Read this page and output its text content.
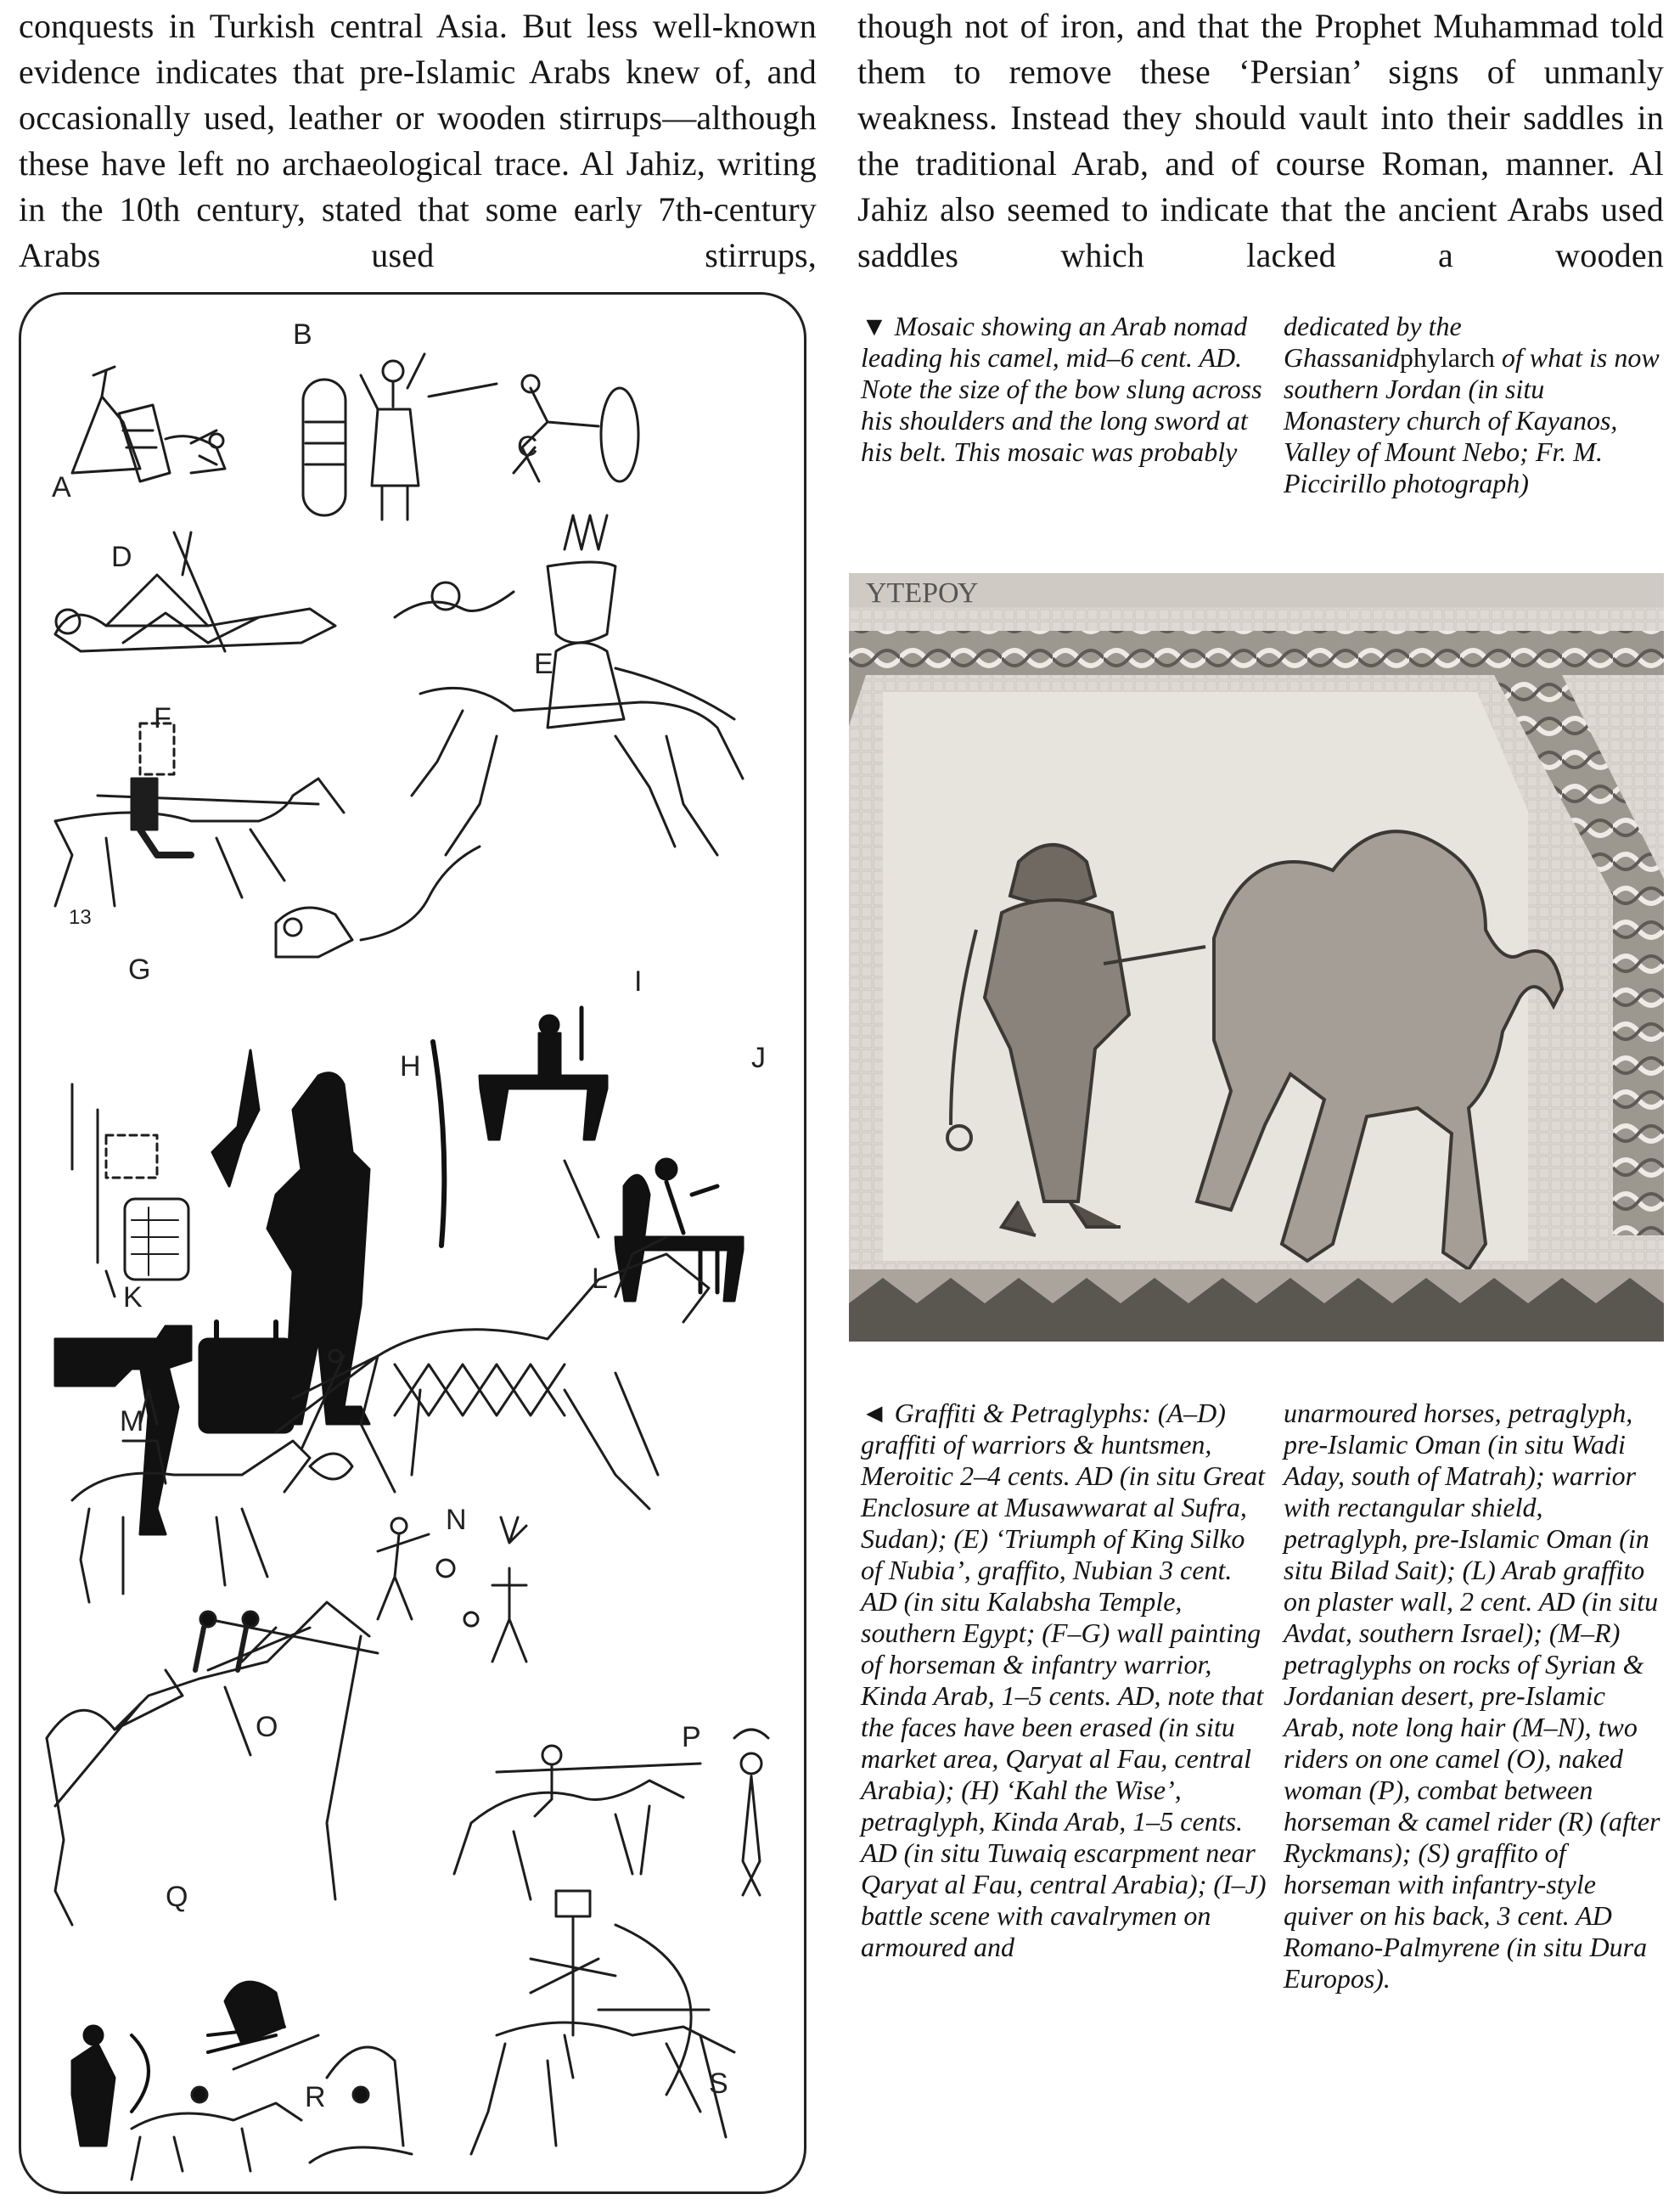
conquests in Turkish central Asia. But less well-known evidence indicates that pre-Islamic Arabs knew of, and occasionally used, leather or wooden stirrups—although these have left no archaeological trace. Al Jahiz, writing in the 10th century, stated that some early 7th-century Arabs used stirrups,

though not of iron, and that the Prophet Muhammad told them to remove these ‘Persian’ signs of unmanly weakness. Instead they should vault into their saddles in the traditional Arab, and of course Roman, manner. Al Jahiz also seemed to indicate that the ancient Arabs used saddles which lacked a wooden

A
B
C
D
E
F
G
H
I
J
K
L
M
N
O	P
Q
R	S
13

▼ Mosaic showing an Arab nomad leading his camel, mid–6 cent. AD. Note the size of the bow slung across his shoulders and the long sword at his belt. This mosaic was probably

dedicated by the Ghassanidphylarch of what is now southern Jordan (in situ Monastery church of Kayanos, Valley of Mount Nebo; Fr. M. Piccirillo photograph)

ΥΤΕΡΟΥ

◄ Graffiti & Petraglyphs: (A–D) graffiti of warriors & huntsmen, Meroitic 2–4 cents. AD (in situ Great Enclosure at Musawwarat al Sufra, Sudan); (E) ‘Triumph of King Silko of Nubia’, graffito, Nubian 3 cent. AD (in situ Kalabsha Temple, southern Egypt; (F–G) wall painting of horseman & infantry warrior, Kinda Arab, 1–5 cents. AD, note that the faces have been erased (in situ market area, Qaryat al Fau, central Arabia); (H) ‘Kahl the Wise’, petraglyph, Kinda Arab, 1–5 cents. AD (in situ Tuwaiq escarpment near Qaryat al Fau, central Arabia); (I–J) battle scene with cavalrymen on armoured and

unarmoured horses, petraglyph, pre-Islamic Oman (in situ Wadi Aday, south of Matrah); warrior with rectangular shield, petraglyph, pre-Islamic Oman (in situ Bilad Sait); (L) Arab graffito on plaster wall, 2 cent. AD (in situ Avdat, southern Israel); (M–R) petraglyphs on rocks of Syrian & Jordanian desert, pre-Islamic Arab, note long hair (M–N), two riders on one camel (O), naked woman (P), combat between horseman & camel rider (R) (after Ryckmans); (S) graffito of horseman with infantry-style quiver on his back, 3 cent. AD Romano-Palmyrene (in situ Dura Europos).
